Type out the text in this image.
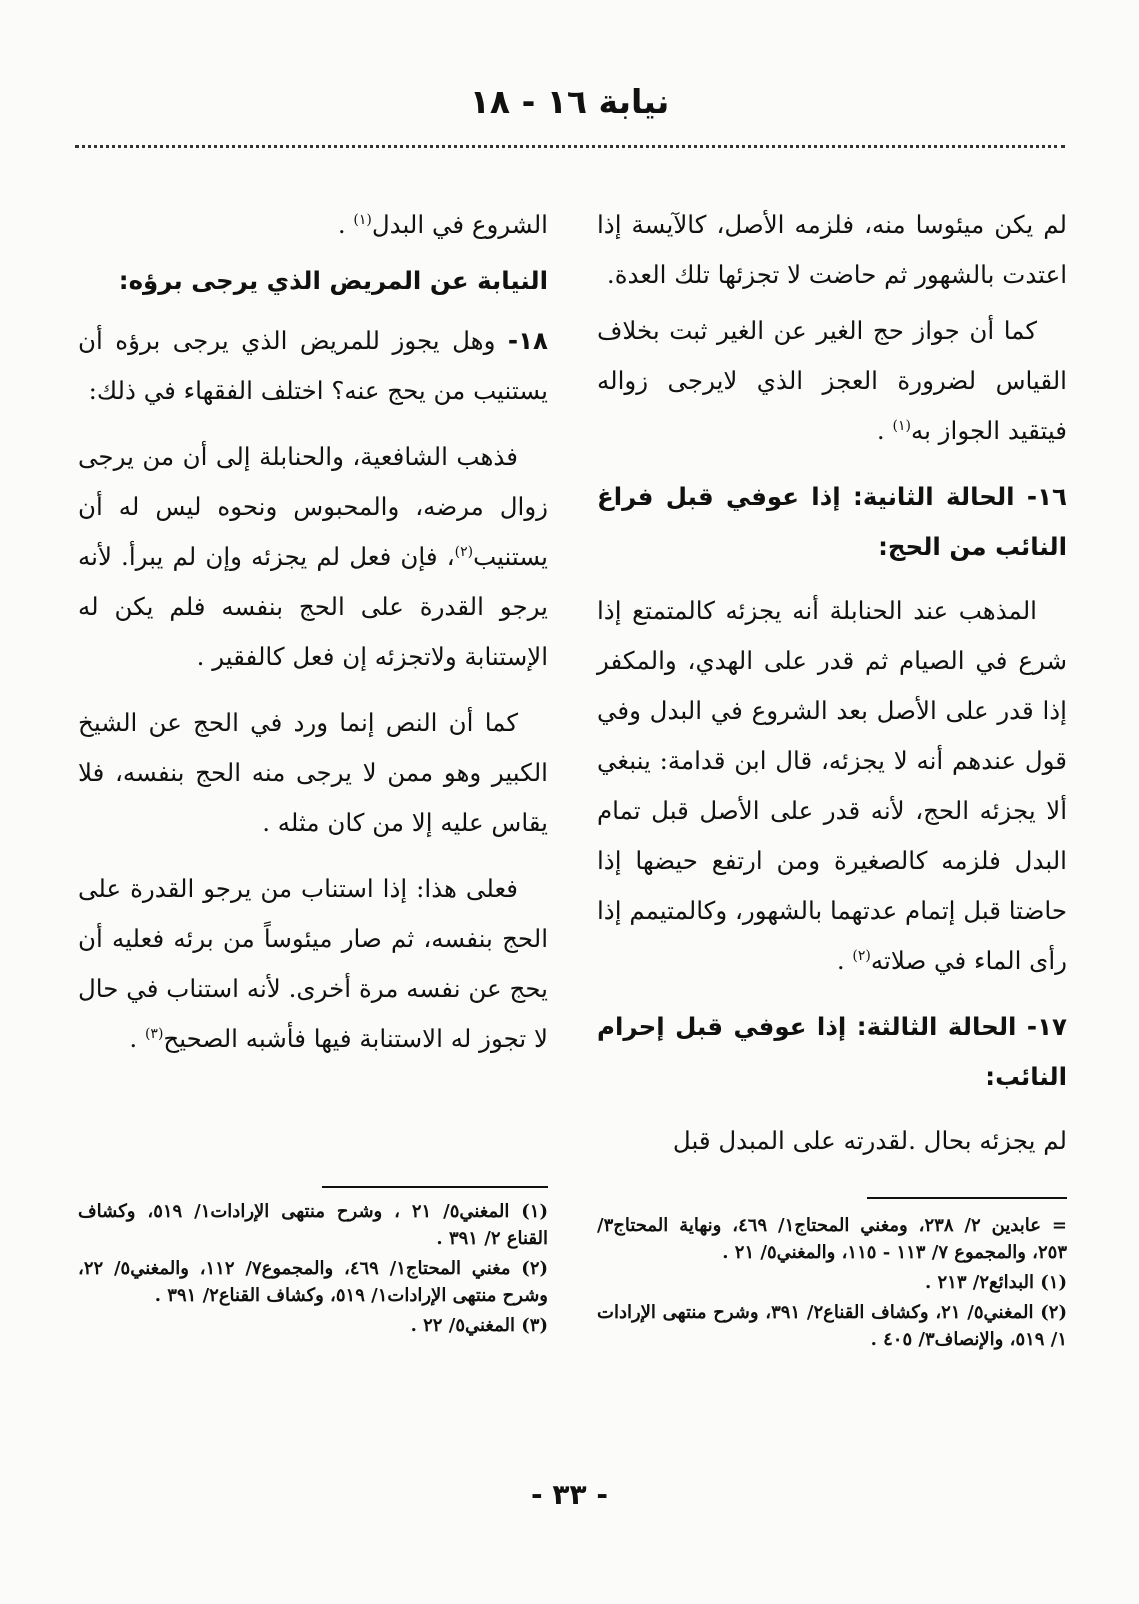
نيابة ١٦ - ١٨

لم يكن ميئوسا منه، فلزمه الأصل، كالآيسة إذا اعتدت بالشهور ثم حاضت لا تجزئها تلك العدة.

كما أن جواز حج الغير عن الغير ثبت بخلاف القياس لضرورة العجز الذي لايرجى زواله فيتقيد الجواز به$^{(١)}$ .

١٦- الحالة الثانية: إذا عوفي قبل فراغ النائب من الحج:

المذهب عند الحنابلة أنه يجزئه كالمتمتع إذا شرع في الصيام ثم قدر على الهدي، والمكفر إذا قدر على الأصل بعد الشروع في البدل وفي قول عندهم أنه لا يجزئه، قال ابن قدامة: ينبغي ألا يجزئه الحج، لأنه قدر على الأصل قبل تمام البدل فلزمه كالصغيرة ومن ارتفع حيضها إذا حاضتا قبل إتمام عدتهما بالشهور، وكالمتيمم إذا رأى الماء في صلاته$^{(٢)}$ .

١٧- الحالة الثالثة: إذا عوفي قبل إحرام النائب:

لم يجزئه بحال .لقدرته على المبدل قبل

الشروع في البدل$^{(١)}$ .

النيابة عن المريض الذي يرجى برؤه:

١٨- وهل يجوز للمريض الذي يرجى برؤه أن يستنيب من يحج عنه؟ اختلف الفقهاء في ذلك:

فذهب الشافعية، والحنابلة إلى أن من يرجى زوال مرضه، والمحبوس ونحوه ليس له أن يستنيب$^{(٢)}$، فإن فعل لم يجزئه وإن لم يبرأ. لأنه يرجو القدرة على الحج بنفسه فلم يكن له الإستنابة ولاتجزئه إن فعل كالفقير .

كما أن النص إنما ورد في الحج عن الشيخ الكبير وهو ممن لا يرجى منه الحج بنفسه، فلا يقاس عليه إلا من كان مثله .

فعلى هذا: إذا استناب من يرجو القدرة على الحج بنفسه، ثم صار ميئوساً من برئه فعليه أن يحج عن نفسه مرة أخرى. لأنه استناب في حال لا تجوز له الاستنابة فيها فأشبه الصحيح$^{(٣)}$ .

= عابدين ٢/ ٢٣٨، ومغني المحتاج١/ ٤٦٩، ونهاية المحتاج٣/ ٢٥٣، والمجموع ٧/ ١١٣ - ١١٥، والمغني٥/ ٢١ .

(١) البدائع٢/ ٢١٣ .

(٢) المغني٥/ ٢١، وكشاف القناع٢/ ٣٩١، وشرح منتهى الإرادات ١/ ٥١٩، والإنصاف٣/ ٤٠٥ .

(١) المغني٥/ ٢١ ، وشرح منتهى الإرادات١/ ٥١٩، وكشاف القناع ٢/ ٣٩١ .

(٢) مغني المحتاج١/ ٤٦٩، والمجموع٧/ ١١٢، والمغني٥/ ٢٢، وشرح منتهى الإرادات١/ ٥١٩، وكشاف القناع٢/ ٣٩١ .

(٣) المغني٥/ ٢٢ .

- ٣٣ -
